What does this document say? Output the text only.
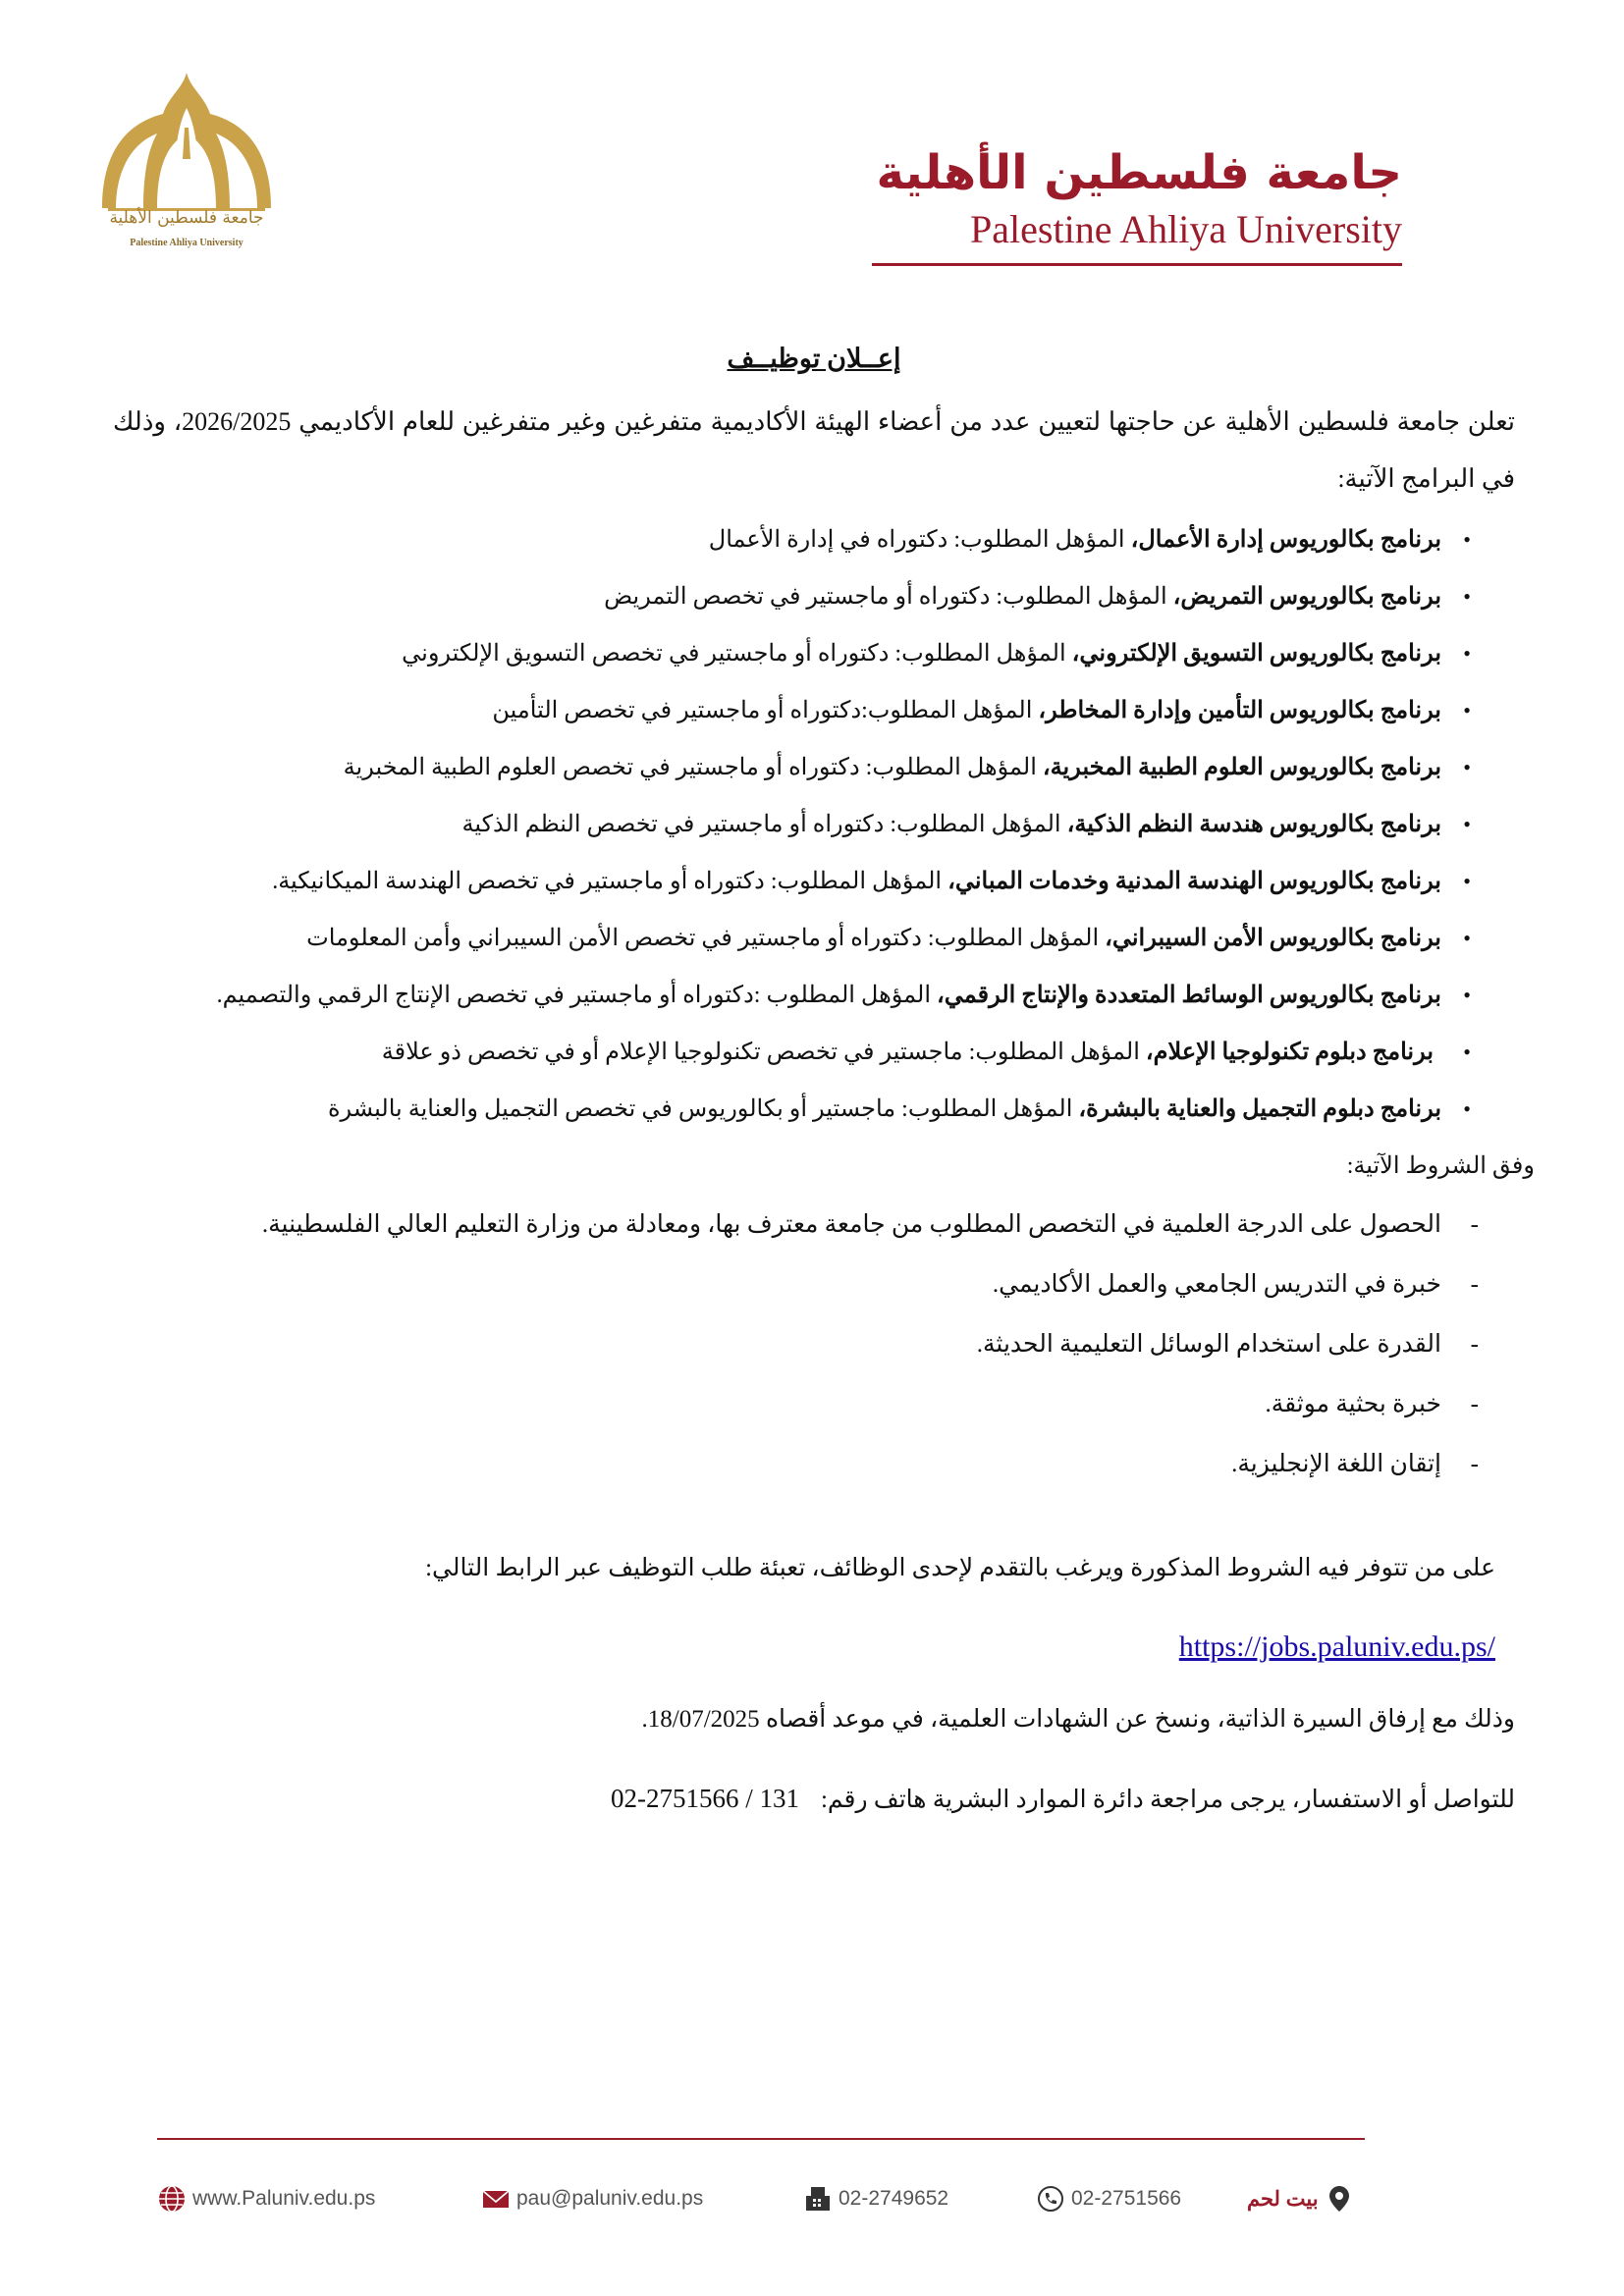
جامعة فلسطين الأهلية
Palestine Ahliya University
جامعة فلسطين الأهلية
Palestine Ahliya University
إعــلان توظيــف

تعلن جامعة فلسطين الأهلية عن حاجتها لتعيين عدد من أعضاء الهيئة الأكاديمية متفرغين وغير متفرغين للعام الأكاديمي 2026/2025، وذلك في البرامج الآتية:

• برنامج بكالوريوس إدارة الأعمال، المؤهل المطلوب: دكتوراه في إدارة الأعمال
• برنامج بكالوريوس التمريض، المؤهل المطلوب: دكتوراه أو ماجستير في تخصص التمريض
• برنامج بكالوريوس التسويق الإلكتروني، المؤهل المطلوب: دكتوراه أو ماجستير في تخصص التسويق الإلكتروني
• برنامج بكالوريوس التأمين وإدارة المخاطر، المؤهل المطلوب:دكتوراه أو ماجستير في تخصص التأمين
• برنامج بكالوريوس العلوم الطبية المخبرية، المؤهل المطلوب: دكتوراه أو ماجستير في تخصص العلوم الطبية المخبرية
• برنامج بكالوريوس هندسة النظم الذكية، المؤهل المطلوب: دكتوراه أو ماجستير في تخصص النظم الذكية
• برنامج بكالوريوس الهندسة المدنية وخدمات المباني، المؤهل المطلوب: دكتوراه أو ماجستير في تخصص الهندسة الميكانيكية.
• برنامج بكالوريوس الأمن السيبراني، المؤهل المطلوب: دكتوراه أو ماجستير في تخصص الأمن السيبراني وأمن المعلومات
• برنامج بكالوريوس الوسائط المتعددة والإنتاج الرقمي، المؤهل المطلوب :دكتوراه أو ماجستير في تخصص الإنتاج الرقمي والتصميم.
• برنامج دبلوم تكنولوجيا الإعلام، المؤهل المطلوب: ماجستير في تخصص تكنولوجيا الإعلام أو في تخصص ذو علاقة
• برنامج دبلوم التجميل والعناية بالبشرة، المؤهل المطلوب: ماجستير أو بكالوريوس في تخصص التجميل والعناية بالبشرة

وفق الشروط الآتية:

- الحصول على الدرجة العلمية في التخصص المطلوب من جامعة معترف بها، ومعادلة من وزارة التعليم العالي الفلسطينية.
- خبرة في التدريس الجامعي والعمل الأكاديمي.
- القدرة على استخدام الوسائل التعليمية الحديثة.
- خبرة بحثية موثقة.
- إتقان اللغة الإنجليزية.

على من تتوفر فيه الشروط المذكورة ويرغب بالتقدم لإحدى الوظائف، تعبئة طلب التوظيف عبر الرابط التالي:

https://jobs.paluniv.edu.ps/

وذلك مع إرفاق السيرة الذاتية، ونسخ عن الشهادات العلمية، في موعد أقصاه 18/07/2025.

للتواصل أو الاستفسار، يرجى مراجعة دائرة الموارد البشرية هاتف رقم:02-2751566 / 131

www.Paluniv.edu.ps	pau@paluniv.edu.ps	02-2749652	02-2751566	بيت لحم
